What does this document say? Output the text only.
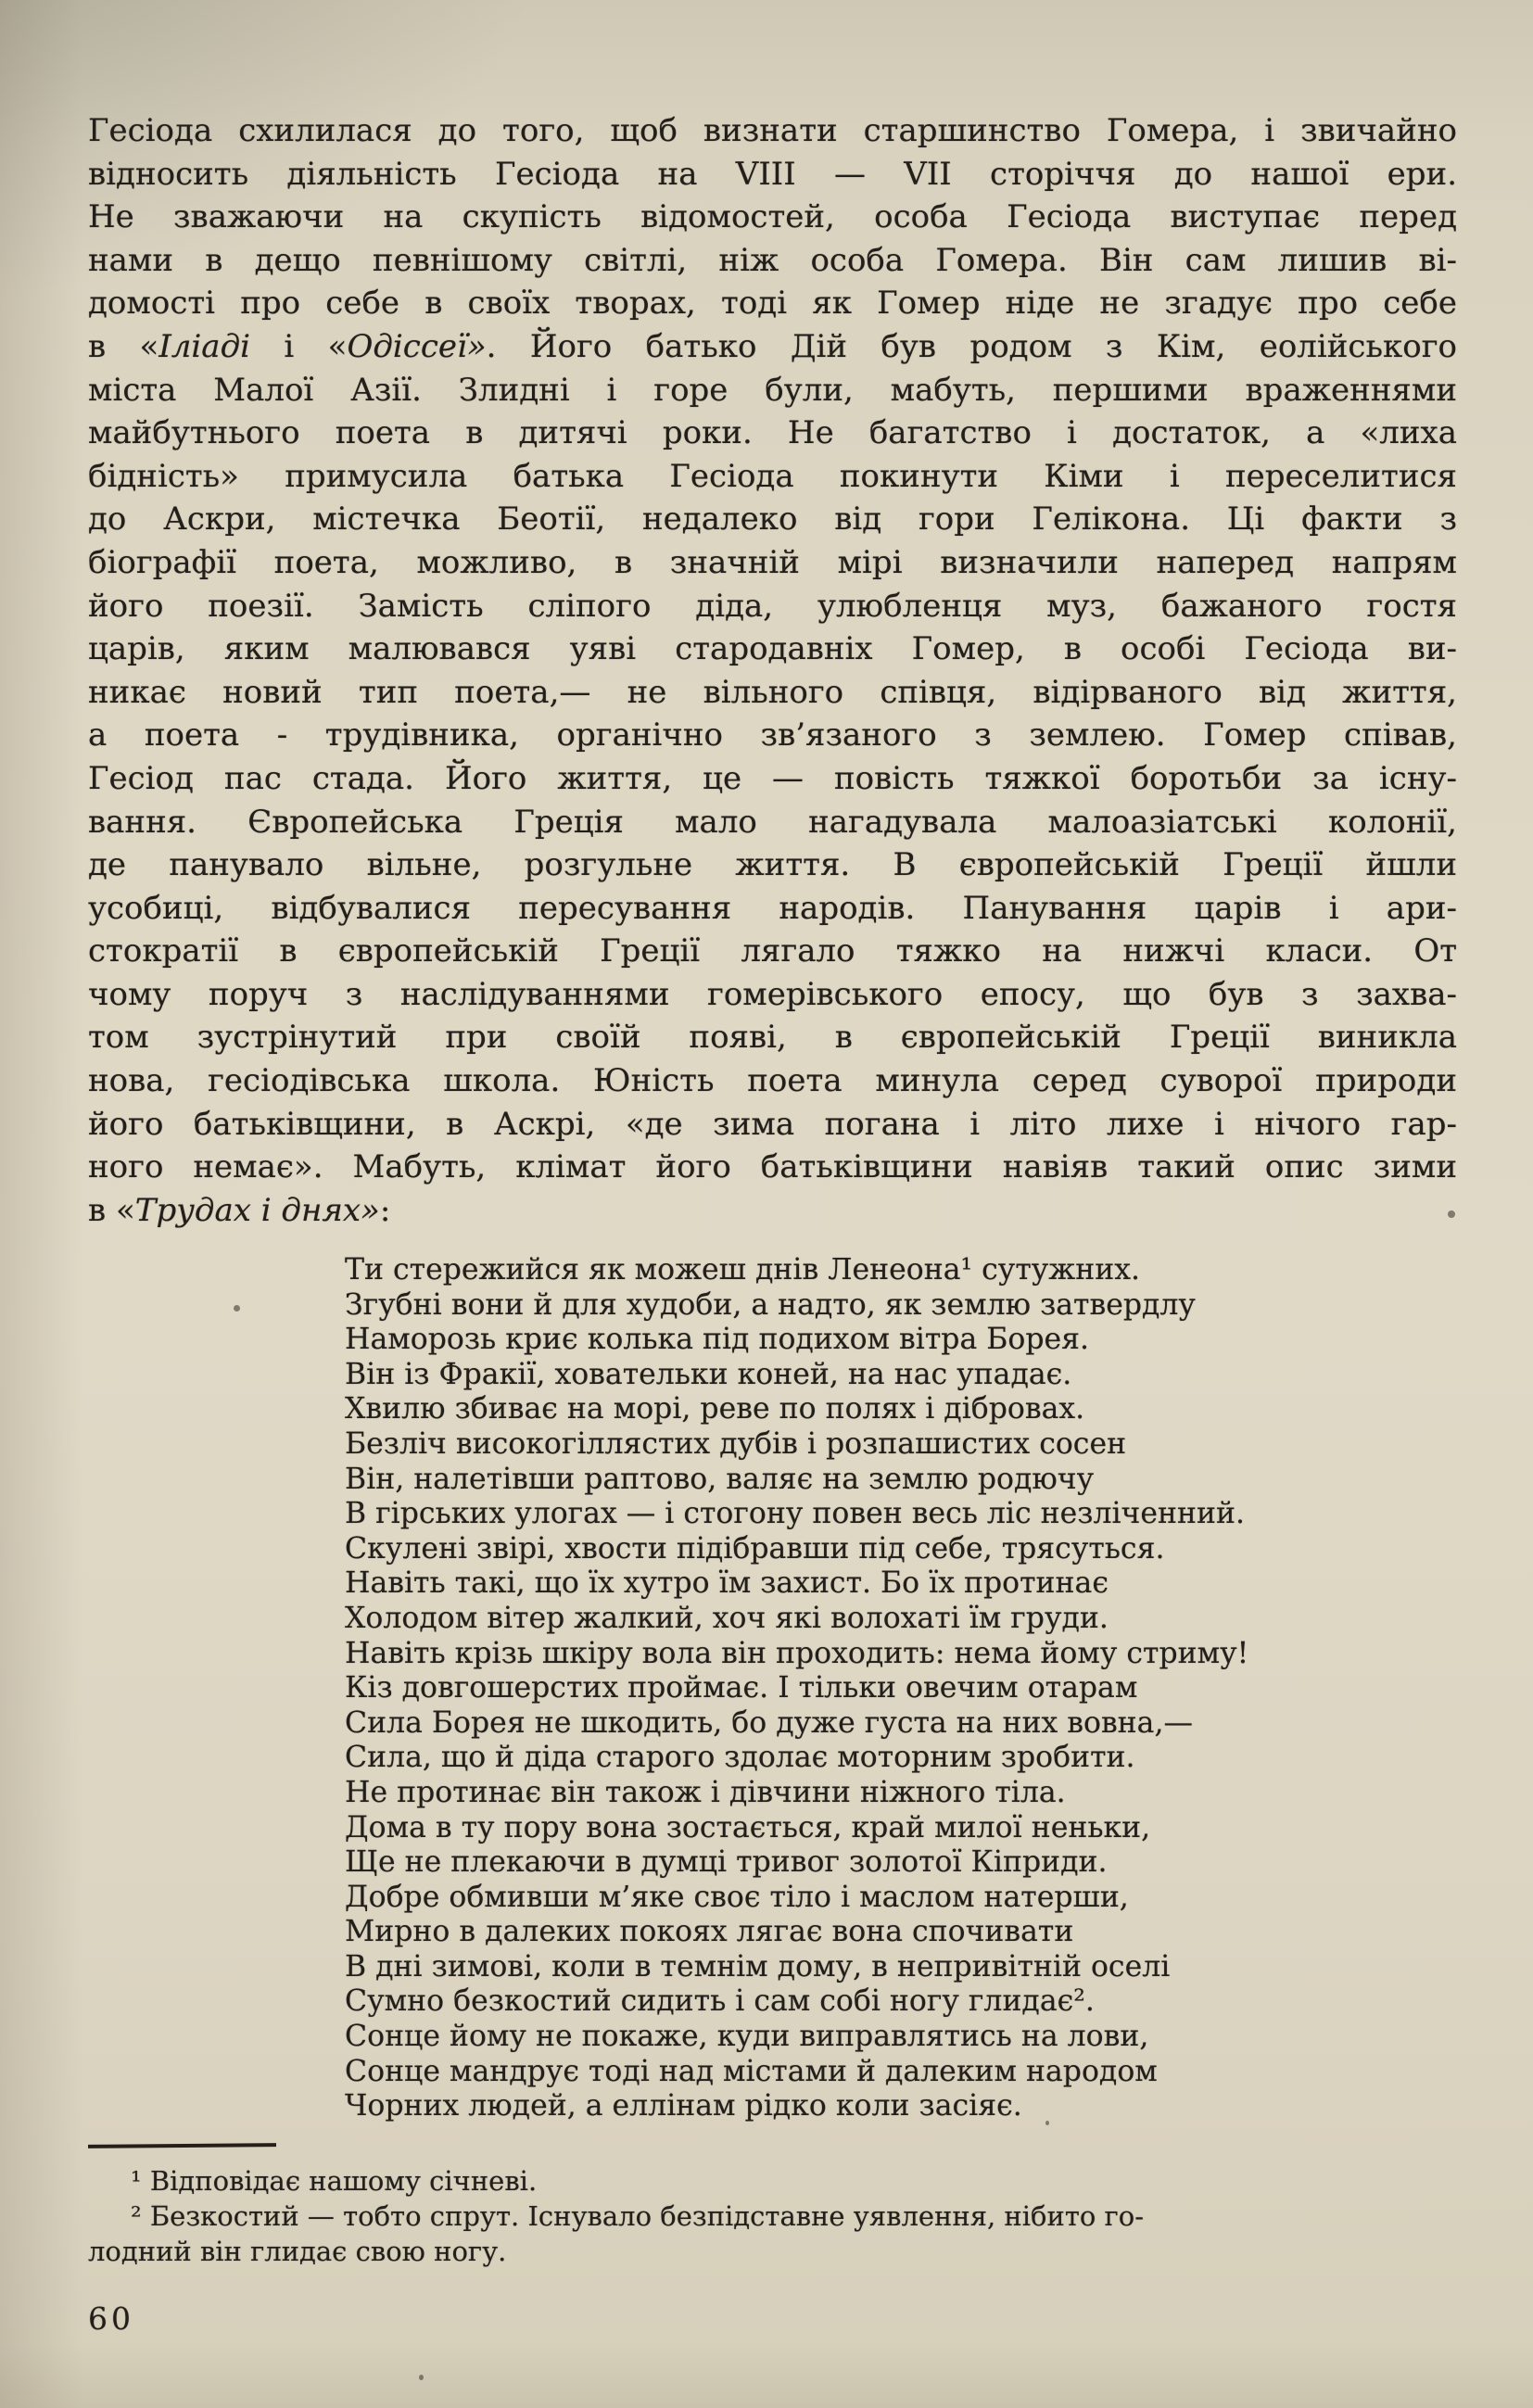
Гесіода схилилася до того, щоб визнати старшинство Гомера, і звичайно
відносить діяльність Гесіода на VIII — VII сторіччя до нашої ери.
Не зважаючи на скупість відомостей, особа Гесіода виступає перед
нами в дещо певнішому світлі, ніж особа Гомера. Він сам лишив ві-
домості про себе в своїх творах, тоді як Гомер ніде не згадує про себе
в «Іліаді і «Одіссеї». Його батько Дій був родом з Кім, еолійського
міста Малої Азії. Злидні і горе були, мабуть, першими враженнями
майбутнього поета в дитячі роки. Не багатство і достаток, а «лиха
бідність» примусила батька Гесіода покинути Кіми і переселитися
до Аскри, містечка Беотії, недалеко від гори Гелікона. Ці факти з
біографії поета, можливо, в значній мірі визначили наперед напрям
його поезії. Замість сліпого діда, улюбленця муз, бажаного гостя
царів, яким малювався уяві стародавніх Гомер, в особі Гесіода ви-
никає новий тип поета,— не вільного співця, відірваного від життя,
а поета - трудівника, органічно зв’язаного з землею. Гомер співав,
Гесіод пас стада. Його життя, це — повість тяжкої боротьби за існу-
вання. Європейська Греція мало нагадувала малоазіатські колонії,
де панувало вільне, розгульне життя. В європейській Греції йшли
усобиці, відбувалися пересування народів. Панування царів і ари-
стократії в європейській Греції лягало тяжко на нижчі класи. От
чому поруч з наслідуваннями гомерівського епосу, що був з захва-
том зустрінутий при своїй появі, в європейській Греції виникла
нова, гесіодівська школа. Юність поета минула серед суворої природи
його батьківщини, в Аскрі, «де зима погана і літо лихе і нічого гар-
ного немає». Мабуть, клімат його батьківщини навіяв такий опис зими
в «Трудах і днях»:
Ти стережийся як можеш днів Ленеона¹ сутужних.
Згубні вони й для худоби, а надто, як землю затвердлу
Наморозь криє колька під подихом вітра Борея.
Він із Фракії, ховательки коней, на нас упадає.
Хвилю збиває на морі, реве по полях і дібровах.
Безліч високогіллястих дубів і розпашистих сосен
Він, налетівши раптово, валяє на землю родючу
В гірських улогах — і стогону повен весь ліс незліченний.
Скулені звірі, хвости підібравши під себе, трясуться.
Навіть такі, що їх хутро їм захист. Бо їх протинає
Холодом вітер жалкий, хоч які волохаті їм груди.
Навіть крізь шкіру вола він проходить: нема йому стриму!
Кіз довгошерстих проймає. І тільки овечим отарам
Сила Борея не шкодить, бо дуже густа на них вовна,—
Сила, що й діда старого здолає моторним зробити.
Не протинає він також і дівчини ніжного тіла.
Дома в ту пору вона зостається, край милої неньки,
Ще не плекаючи в думці тривог золотої Кіприди.
Добре обмивши м’яке своє тіло і маслом натерши,
Мирно в далеких покоях лягає вона спочивати
В дні зимові, коли в темнім дому, в непривітній оселі
Сумно безкостий сидить і сам собі ногу глидає².
Сонце йому не покаже, куди виправлятись на лови,
Сонце мандрує тоді над містами й далеким народом
Чорних людей, а еллінам рідко коли засіяє.
¹ Відповідає нашому січневі.
² Безкостий — тобто спрут. Існувало безпідставне уявлення, нібито го-
лодний він глидає свою ногу.
60
